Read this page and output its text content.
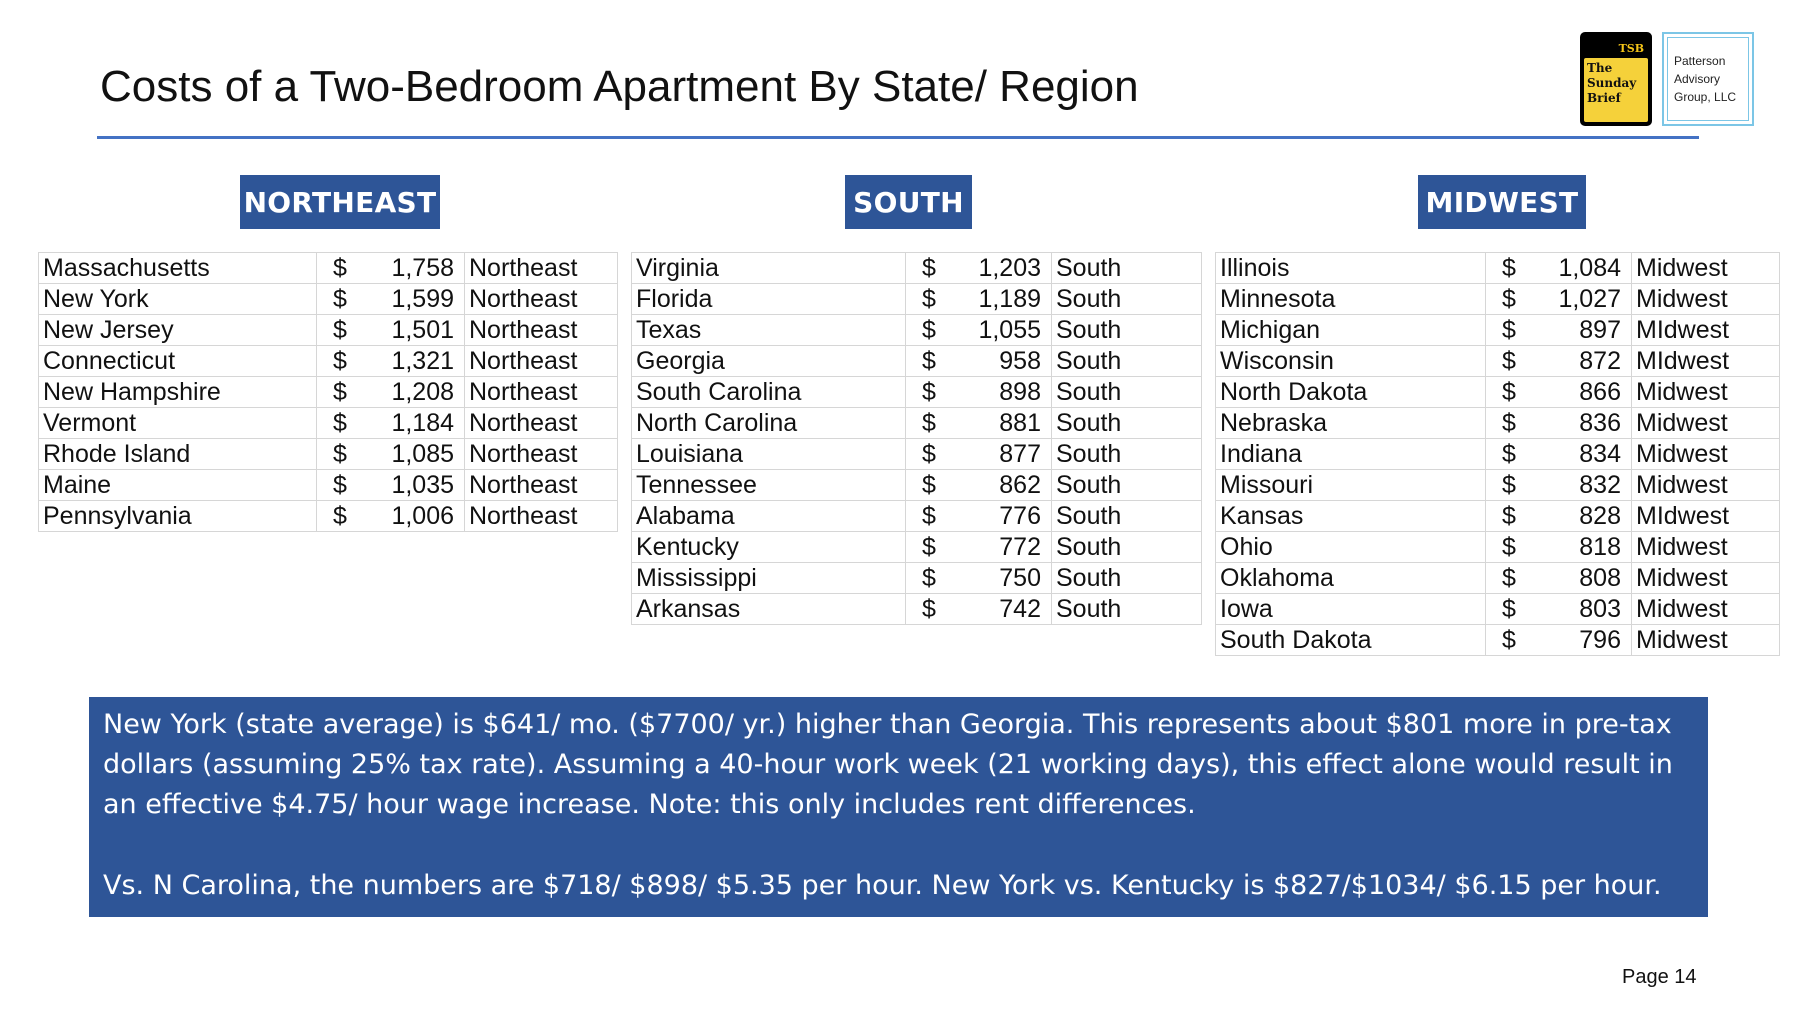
Costs of a Two-Bedroom Apartment By State/ Region
TSB
The
Sunday
Brief
Patterson
Advisory
Group, LLC
NORTHEAST	SOUTH	MIDWEST
Massachusetts	$	1,758	Northeast
New York	$	1,599	Northeast
New Jersey	$	1,501	Northeast
Connecticut	$	1,321	Northeast
New Hampshire	$	1,208	Northeast
Vermont	$	1,184	Northeast
Rhode Island	$	1,085	Northeast
Maine	$	1,035	Northeast
Pennsylvania	$	1,006	Northeast
Virginia	$	1,203	South
Florida	$	1,189	South
Texas	$	1,055	South
Georgia	$	958	South
South Carolina	$	898	South
North Carolina	$	881	South
Louisiana	$	877	South
Tennessee	$	862	South
Alabama	$	776	South
Kentucky	$	772	South
Mississippi	$	750	South
Arkansas	$	742	South
Illinois	$	1,084	Midwest
Minnesota	$	1,027	Midwest
Michigan	$	897	MIdwest
Wisconsin	$	872	MIdwest
North Dakota	$	866	Midwest
Nebraska	$	836	Midwest
Indiana	$	834	Midwest
Missouri	$	832	Midwest
Kansas	$	828	MIdwest
Ohio	$	818	Midwest
Oklahoma	$	808	Midwest
Iowa	$	803	Midwest
South Dakota	$	796	Midwest

New York (state average) is $641/ mo. ($7700/ yr.) higher than Georgia. This represents about $801 more in pre-tax

dollars (assuming 25% tax rate). Assuming a 40-hour work week (21 working days), this effect alone would result in

an effective $4.75/ hour wage increase. Note: this only includes rent differences.

Vs. N Carolina, the numbers are $718/ $898/ $5.35 per hour. New York vs. Kentucky is $827/$1034/ $6.15 per hour.

Page 14
